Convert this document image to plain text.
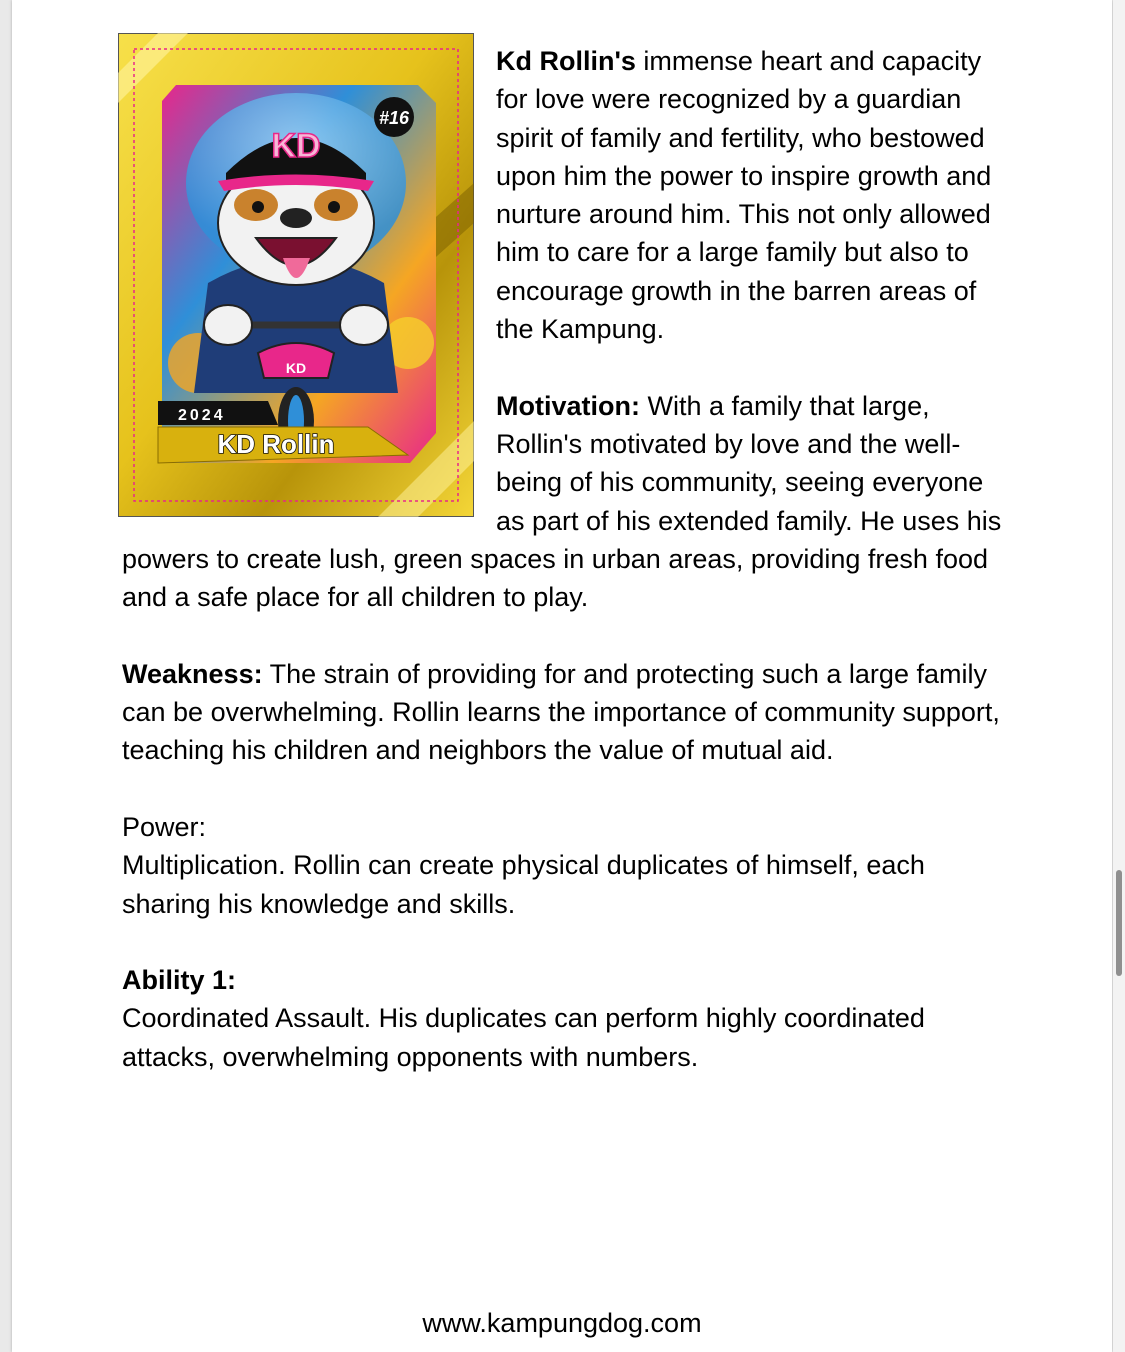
KD
KD
#16
2024
KD Rollin

Kd Rollin's immense heart and capacity for love were recognized by a guardian spirit of family and fertility, who bestowed upon him the power to inspire growth and nurture around him. This not only allowed him to care for a large family but also to encourage growth in the barren areas of the Kampung.

Motivation: With a family that large, Rollin's motivated by love and the well-being of his community, seeing everyone as part of his extended family. He uses his powers to create lush, green spaces in urban areas, providing fresh food and a safe place for all children to play.

Weakness: The strain of providing for and protecting such a large family can be overwhelming. Rollin learns the importance of community support, teaching his children and neighbors the value of mutual aid.

Power:
Multiplication. Rollin can create physical duplicates of himself, each sharing his knowledge and skills.

Ability 1:
Coordinated Assault. His duplicates can perform highly coordinated attacks, overwhelming opponents with numbers.

www.kampungdog.com
